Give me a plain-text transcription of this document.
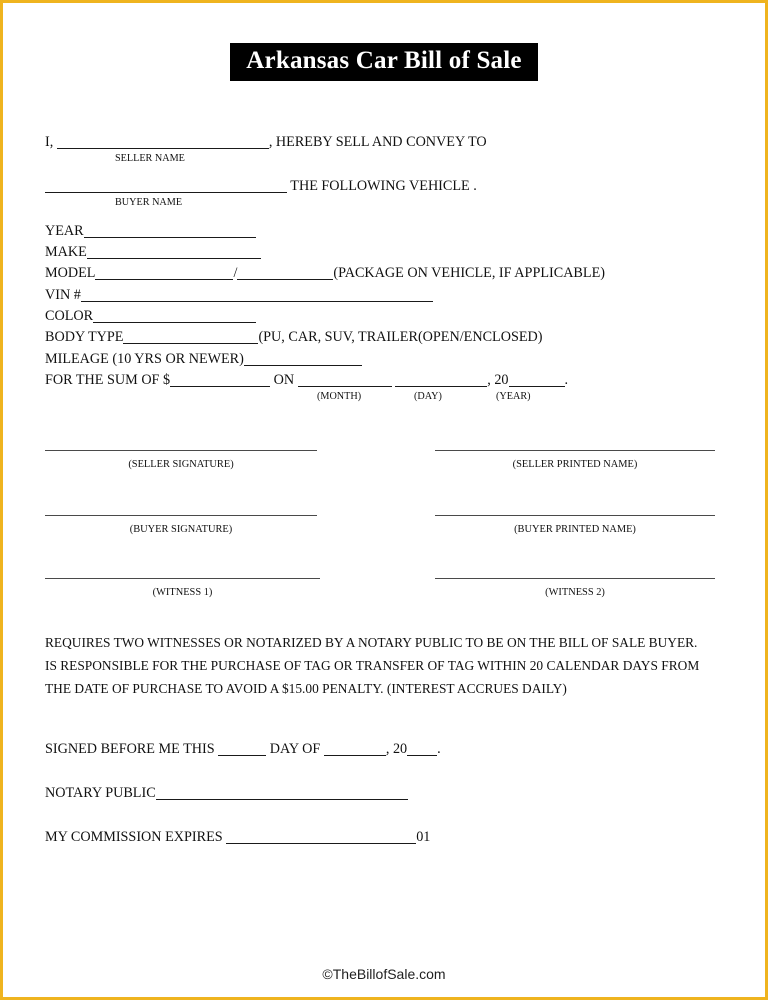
Arkansas Car Bill of Sale
I,	, HEREBY SELL AND CONVEY TO
SELLER NAME
THE FOLLOWING VEHICLE .
BUYER NAME
YEAR
MAKE
MODEL	/	(PACKAGE ON VEHICLE, IF APPLICABLE)
VIN #
COLOR
BODY TYPE	(PU, CAR, SUV, TRAILER(OPEN/ENCLOSED)
MILEAGE (10 YRS OR NEWER)
FOR THE SUM OF $	ON	, 20	.
(MONTH)	(DAY)	(YEAR)
(SELLER SIGNATURE)	(SELLER PRINTED NAME)
(BUYER SIGNATURE)	(BUYER PRINTED NAME)
(WITNESS 1)	(WITNESS 2)
REQUIRES TWO WITNESSES OR NOTARIZED BY A NOTARY PUBLIC TO BE ON THE BILL OF SALE BUYER.
IS RESPONSIBLE FOR THE PURCHASE OF TAG OR TRANSFER OF TAG WITHIN 20 CALENDAR DAYS FROM
THE DATE OF PURCHASE TO AVOID A $15.00 PENALTY. (INTEREST ACCRUES DAILY)
SIGNED BEFORE ME THIS	DAY OF	, 20 .
NOTARY PUBLIC
MY COMMISSION EXPIRES	01
©TheBillofSale.com
